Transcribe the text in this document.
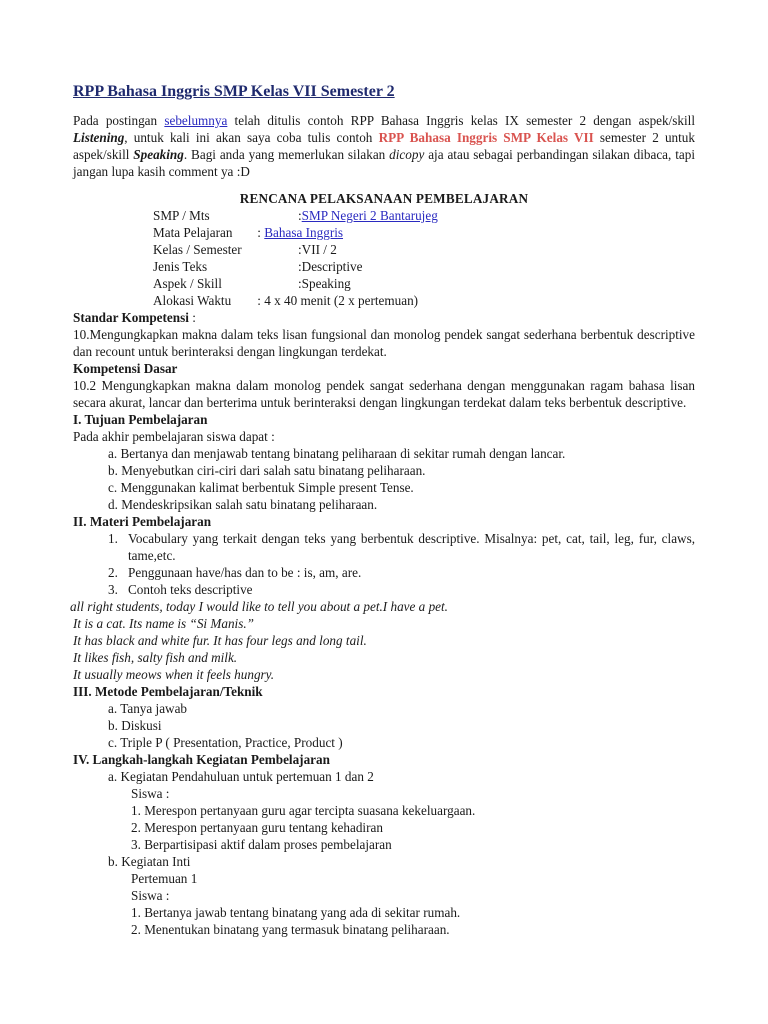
RPP Bahasa Inggris SMP Kelas VII Semester 2

Pada postingan sebelumnya telah ditulis contoh RPP Bahasa Inggris kelas IX semester 2 dengan aspek/skill Listening, untuk kali ini akan saya coba tulis contoh RPP Bahasa Inggris SMP Kelas VII semester 2 untuk aspek/skill Speaking. Bagi anda yang memerlukan silakan dicopy aja atau sebagai perbandingan silakan dibaca, tapi jangan lupa kasih comment ya :D

RENCANA PELAKSANAAN PEMBELAJARAN
SMP / Mts	: SMP Negeri 2 Bantarujeg
Mata Pelajaran	: Bahasa Inggris
Kelas / Semester	: VII / 2
Jenis Teks	: Descriptive
Aspek / Skill	: Speaking
Alokasi Waktu	: 4 x 40 menit (2 x pertemuan)
Standar Kompetensi :

10.Mengungkapkan makna dalam teks lisan fungsional dan monolog pendek sangat sederhana berbentuk descriptive dan recount untuk berinteraksi dengan lingkungan terdekat.

Kompetensi Dasar

10.2 Mengungkapkan makna dalam monolog pendek sangat sederhana dengan menggunakan ragam bahasa lisan secara akurat, lancar dan berterima untuk berinteraksi dengan lingkungan terdekat dalam teks berbentuk descriptive.

I. Tujuan Pembelajaran
Pada akhir pembelajaran siswa dapat :
a. Bertanya dan menjawab tentang binatang peliharaan di sekitar rumah dengan lancar.
b. Menyebutkan ciri-ciri dari salah satu binatang peliharaan.
c. Menggunakan kalimat berbentuk Simple present Tense.
d. Mendeskripsikan salah satu binatang peliharaan.
II. Materi Pembelajaran
1. Vocabulary yang terkait dengan teks yang berbentuk descriptive. Misalnya: pet, cat, tail, leg, fur, claws, tame,etc.
2. Penggunaan have/has dan to be : is, am, are.
3. Contoh teks descriptive
all right students, today I would like to tell you about a pet.I have a pet.
It is a cat. Its name is “Si Manis.”
It has black and white fur. It has four legs and long tail.
It likes fish, salty fish and milk.
It usually meows when it feels hungry.
III. Metode Pembelajaran/Teknik
a. Tanya jawab
b. Diskusi
c. Triple P ( Presentation, Practice, Product )
IV. Langkah-langkah Kegiatan Pembelajaran
a. Kegiatan Pendahuluan untuk pertemuan 1 dan 2
Siswa :
1. Merespon pertanyaan guru agar tercipta suasana kekeluargaan.
2. Merespon pertanyaan guru tentang kehadiran
3. Berpartisipasi aktif dalam proses pembelajaran
b. Kegiatan Inti
Pertemuan 1
Siswa :
1. Bertanya jawab tentang binatang yang ada di sekitar rumah.
2. Menentukan binatang yang termasuk binatang peliharaan.
